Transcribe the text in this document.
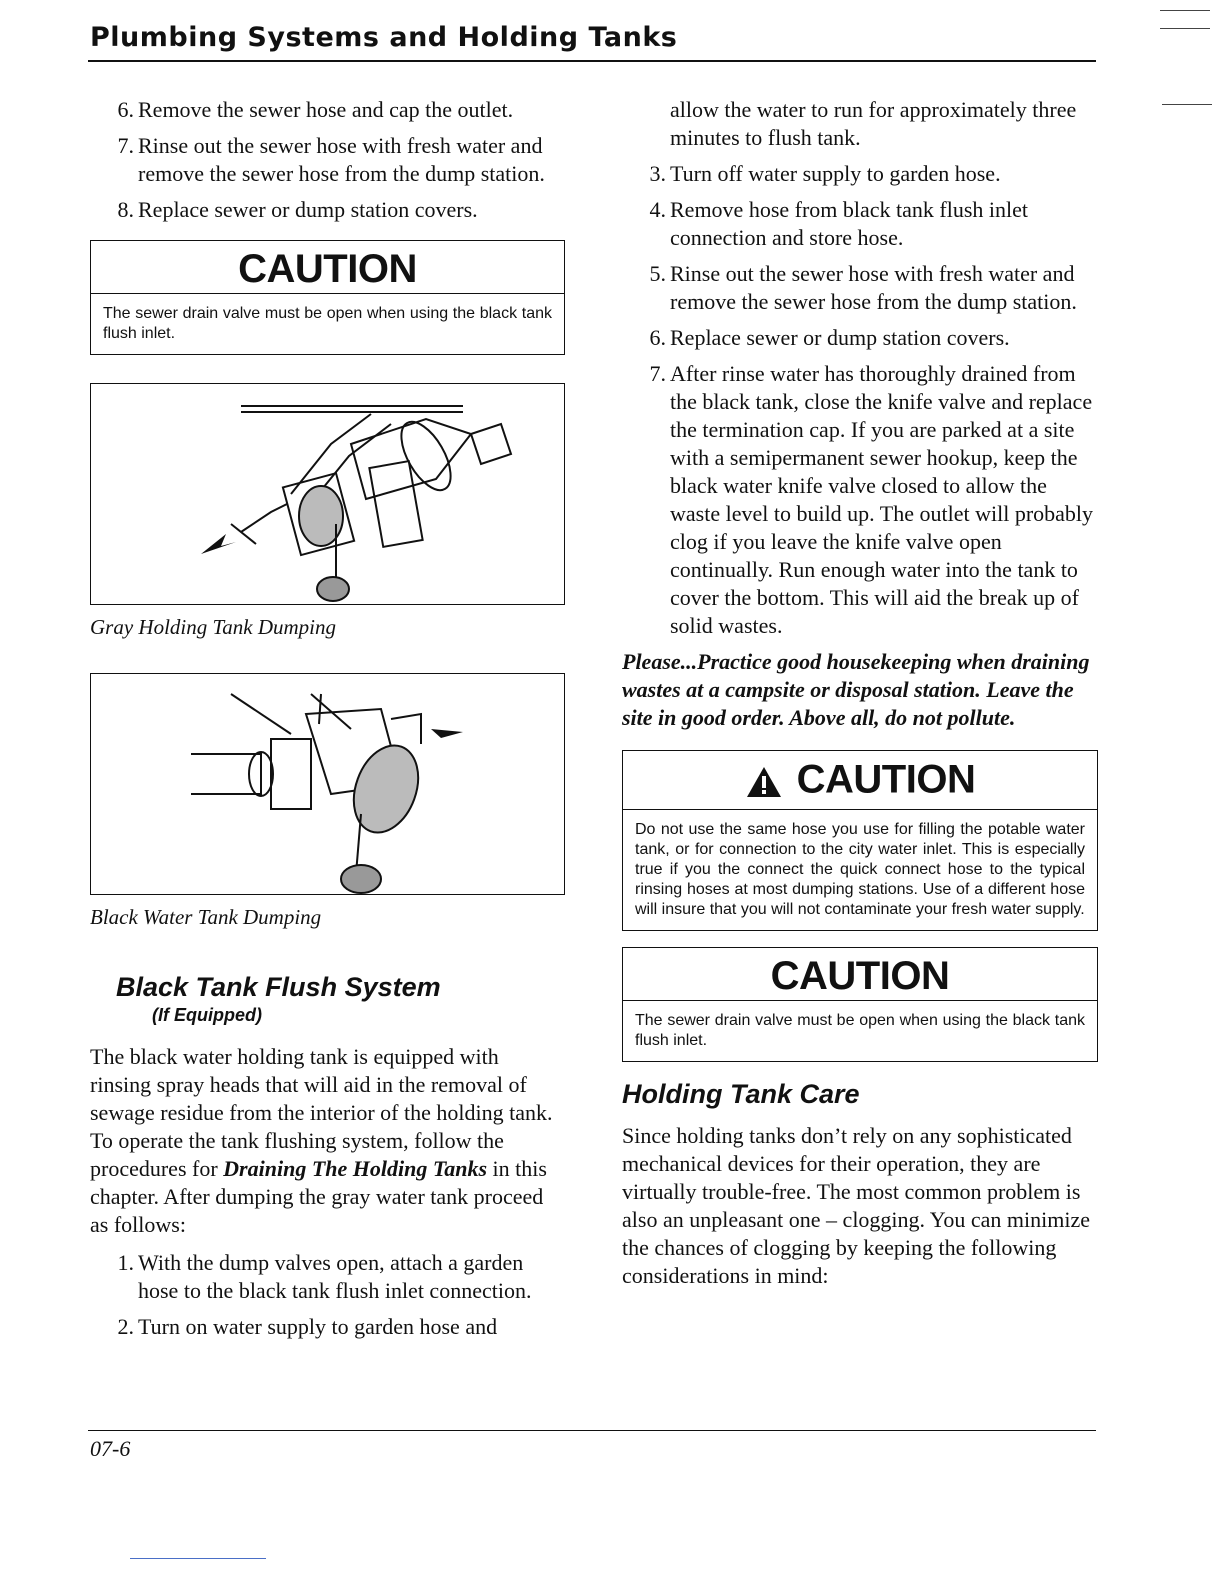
Plumbing Systems and Holding Tanks
6. Remove the sewer hose and cap the outlet.
7. Rinse out the sewer hose with fresh water and remove the sewer hose from the dump station.
8. Replace sewer or dump station covers.
CAUTION
The sewer drain valve must be open when using the black tank flush inlet.

Gray Holding Tank Dumping

Black Water Tank Dumping

Black Tank Flush System

(If Equipped)

The black water holding tank is equipped with rinsing spray heads that will aid in the removal of sewage residue from the interior of the holding tank. To operate the tank flushing system, follow the procedures for Draining The Holding Tanks in this chapter. After dumping the gray water tank proceed as follows:

1. With the dump valves open, attach a garden hose to the black tank flush inlet connection.
2. Turn on water supply to garden hose and

allow the water to run for approximately three minutes to flush tank.

3. Turn off water supply to garden hose.
4. Remove hose from black tank flush inlet connection and store hose.
5. Rinse out the sewer hose with fresh water and remove the sewer hose from the dump station.
6. Replace sewer or dump station covers.
7. After rinse water has thoroughly drained from the black tank, close the knife valve and replace the termination cap. If you are parked at a site with a semipermanent sewer hookup, keep the black water knife valve closed to allow the waste level to build up. The outlet will probably clog if you leave the knife valve open continually. Run enough water into the tank to cover the bottom. This will aid the break up of solid wastes.

Please...Practice good housekeeping when draining wastes at a campsite or disposal station. Leave the site in good order. Above all, do not pollute.

CAUTION
Do not use the same hose you use for filling the potable water tank, or for connection to the city water inlet. This is especially true if you the connect the quick connect hose to the typical rinsing hoses at most dumping stations. Use of a different hose will insure that you will not contaminate your fresh water supply.
CAUTION
The sewer drain valve must be open when using the black tank flush inlet.

Holding Tank Care

Since holding tanks don’t rely on any sophisticated mechanical devices for their operation, they are virtually trouble-free. The most common problem is also an unpleasant one – clogging. You can minimize the chances of clogging by keeping the following considerations in mind:

07-6
